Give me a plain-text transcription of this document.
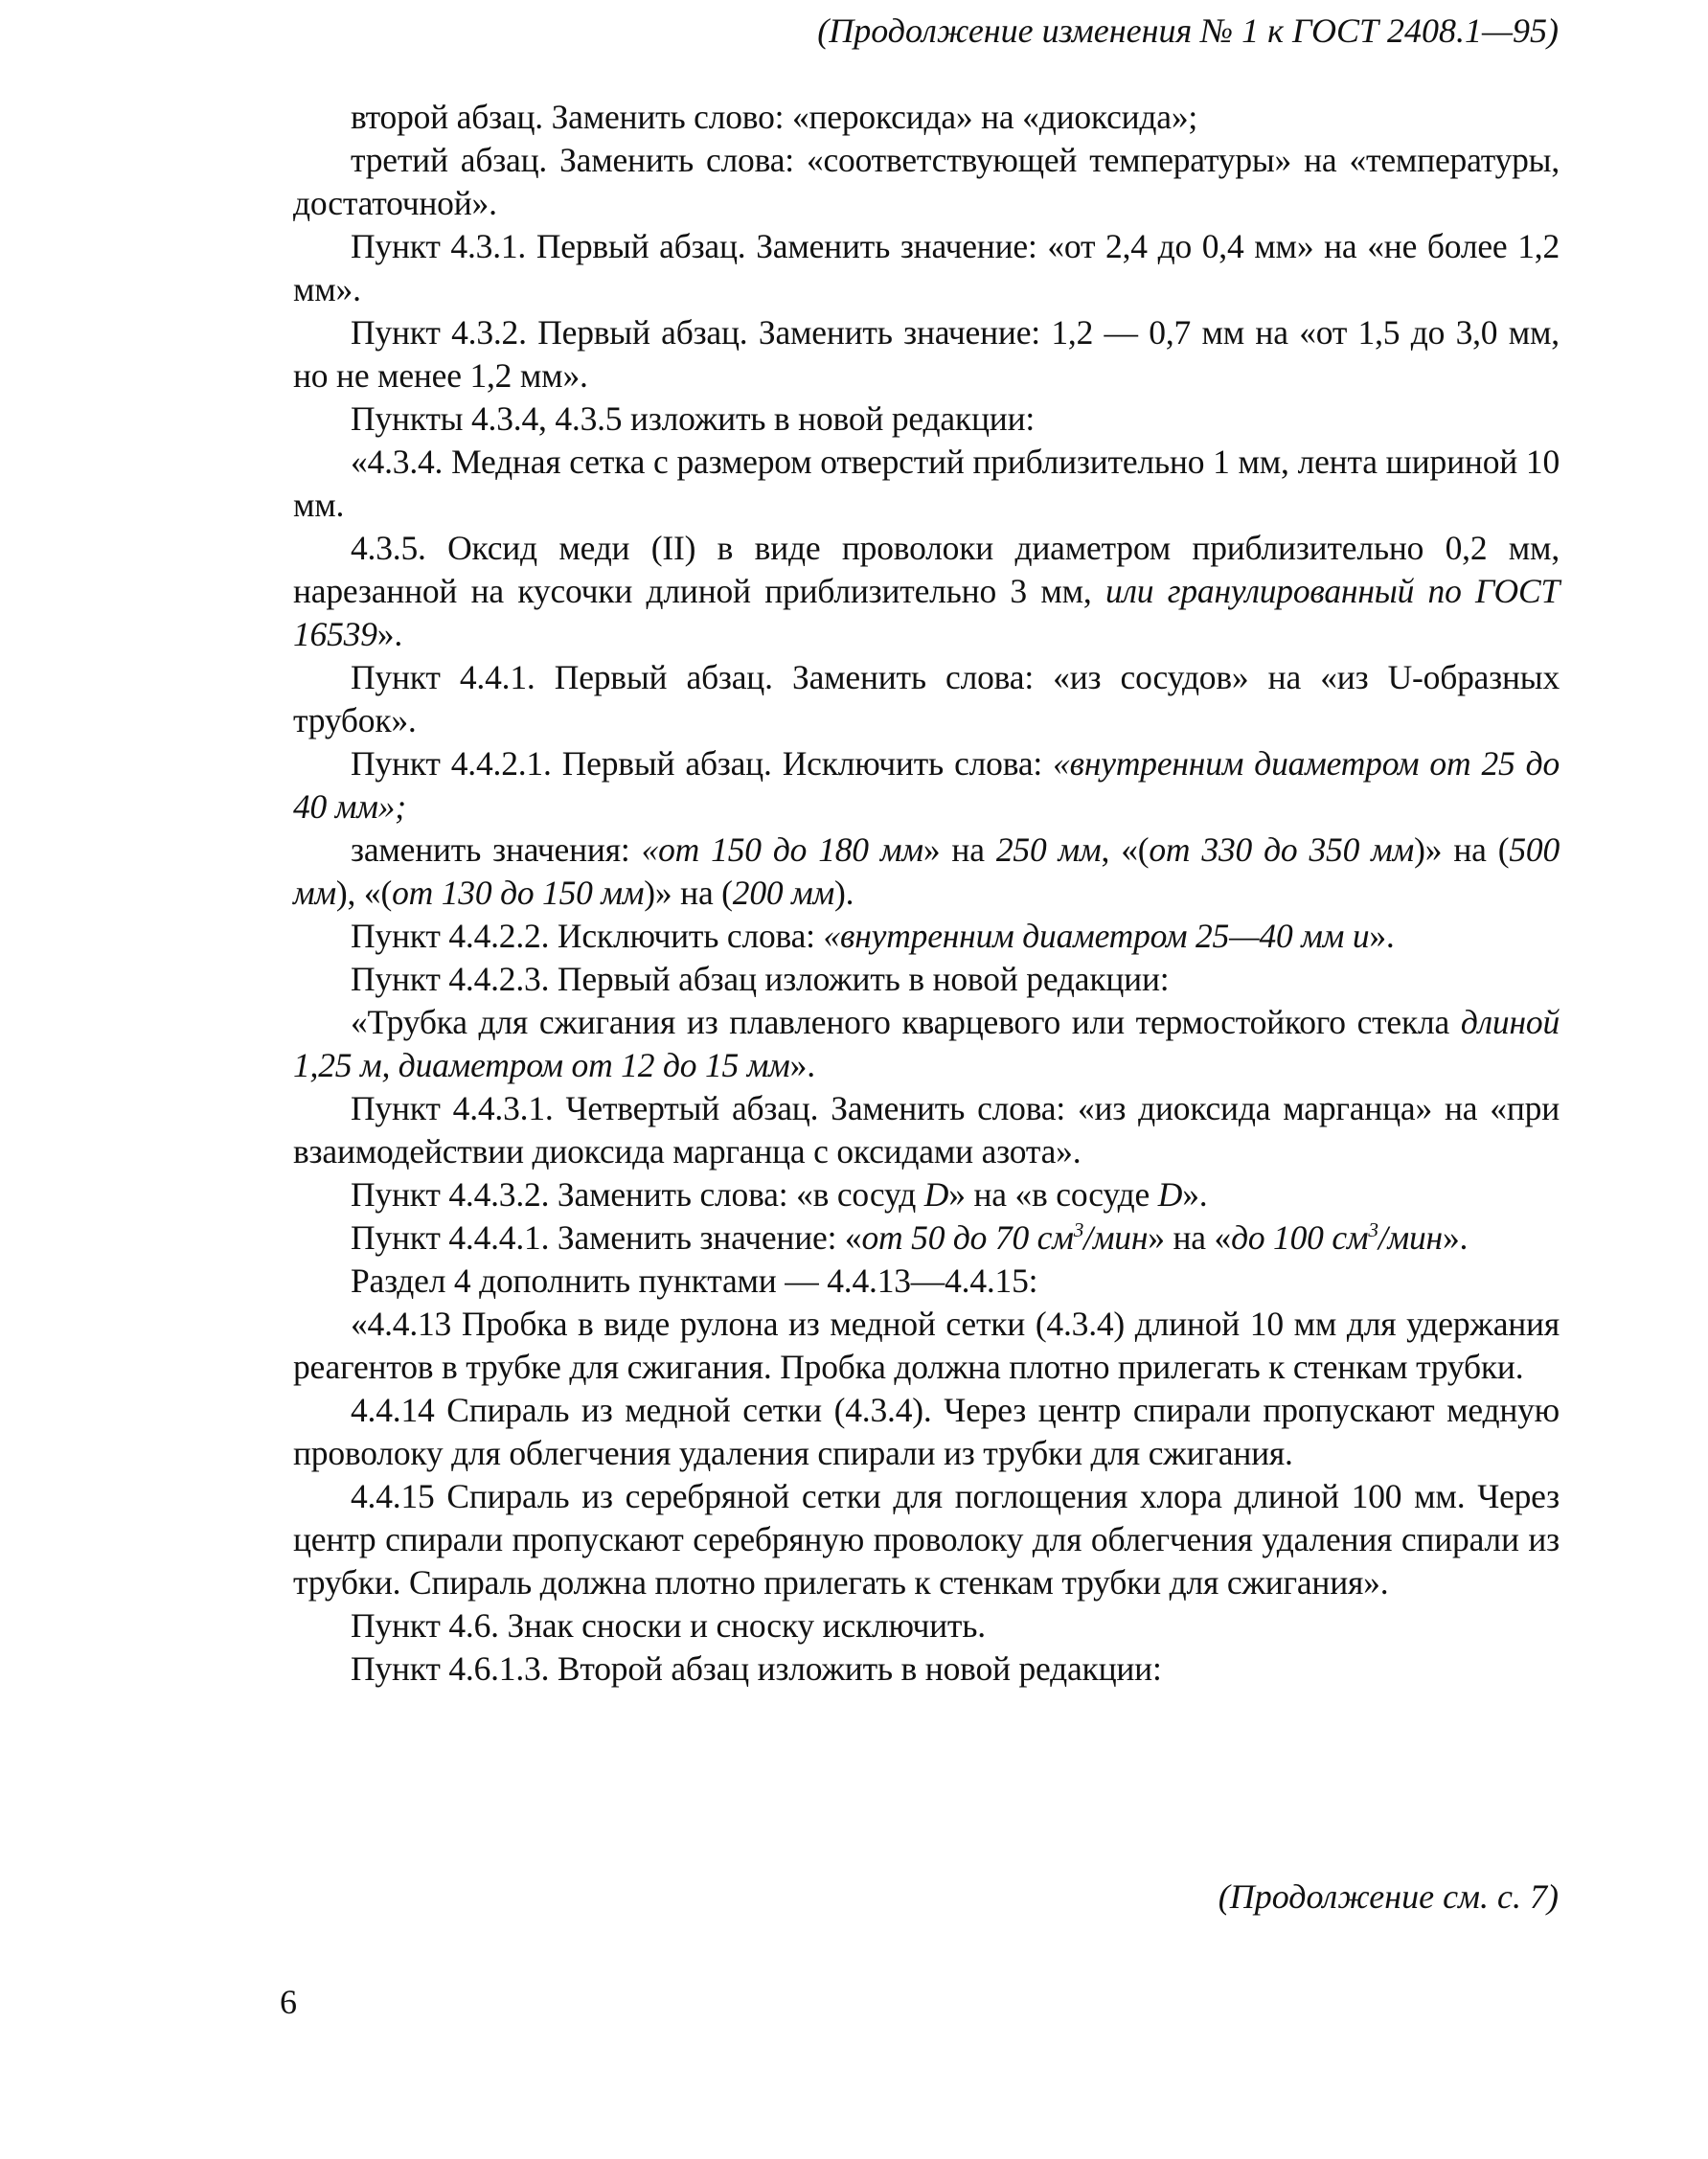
(Продолжение изменения № 1 к ГОСТ 2408.1—95)

второй абзац. Заменить слово: «пероксида» на «диоксида»;

третий абзац. Заменить слова: «соответствующей температуры» на «температуры, достаточной».

Пункт 4.3.1. Первый абзац. Заменить значение: «от 2,4 до 0,4 мм» на «не более 1,2 мм».

Пункт 4.3.2. Первый абзац. Заменить значение: 1,2 — 0,7 мм на «от 1,5 до 3,0 мм, но не менее 1,2 мм».

Пункты 4.3.4, 4.3.5 изложить в новой редакции:

«4.3.4. Медная сетка с размером отверстий приблизительно 1 мм, лента шириной 10 мм.

4.3.5. Оксид меди (II) в виде проволоки диаметром приблизительно 0,2 мм, нарезанной на кусочки длиной приблизительно 3 мм, или гранулированный по ГОСТ 16539».

Пункт 4.4.1. Первый абзац. Заменить слова: «из сосудов» на «из U-образных трубок».

Пункт 4.4.2.1. Первый абзац. Исключить слова: «внутренним диаметром от 25 до 40 мм»;

заменить значения: «от 150 до 180 мм» на 250 мм, «(от 330 до 350 мм)» на (500 мм), «(от 130 до 150 мм)» на (200 мм).

Пункт 4.4.2.2. Исключить слова: «внутренним диаметром 25—40 мм и».

Пункт 4.4.2.3. Первый абзац изложить в новой редакции:

«Трубка для сжигания из плавленого кварцевого или термостойкого стекла длиной 1,25 м, диаметром от 12 до 15 мм».

Пункт 4.4.3.1. Четвертый абзац. Заменить слова: «из диоксида марганца» на «при взаимодействии диоксида марганца с оксидами азота».

Пункт 4.4.3.2. Заменить слова: «в сосуд D» на «в сосуде D».

Пункт 4.4.4.1. Заменить значение: «от 50 до 70 $см^3$/мин» на «до 100 $см^3$/мин».

Раздел 4 дополнить пунктами — 4.4.13—4.4.15:

«4.4.13 Пробка в виде рулона из медной сетки (4.3.4) длиной 10 мм для удержания реагентов в трубке для сжигания. Пробка должна плотно прилегать к стенкам трубки.

4.4.14 Спираль из медной сетки (4.3.4). Через центр спирали пропускают медную проволоку для облегчения удаления спирали из трубки для сжигания.

4.4.15 Спираль из серебряной сетки для поглощения хлора длиной 100 мм. Через центр спирали пропускают серебряную проволоку для облегчения удаления спирали из трубки. Спираль должна плотно прилегать к стенкам трубки для сжигания».

Пункт 4.6. Знак сноски и сноску исключить.

Пункт 4.6.1.3. Второй абзац изложить в новой редакции:

(Продолжение см. с. 7)
6
